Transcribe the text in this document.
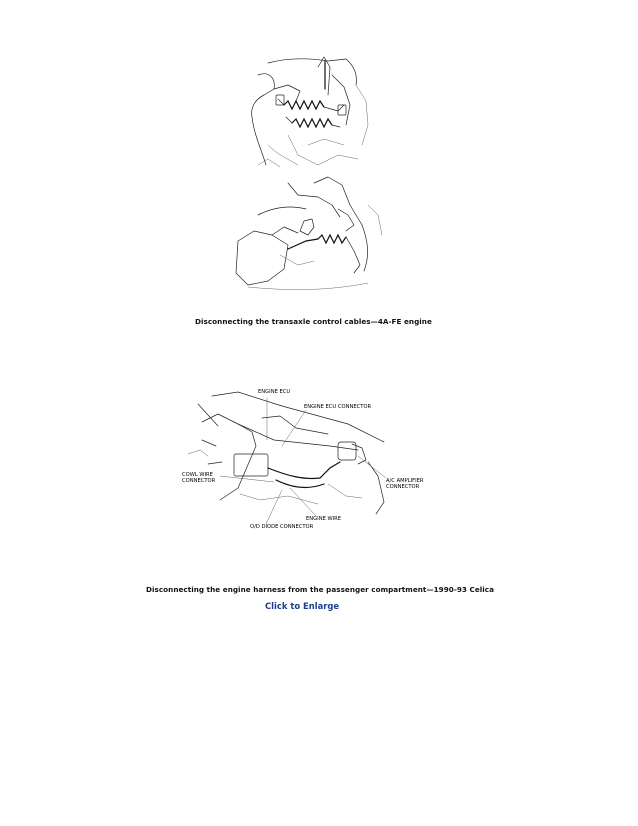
Disconnecting the transaxle control cables—4A-FE engine
ENGINE ECU
ENGINE ECU CONNECTOR
COWL WIRE
CONNECTOR	A/C AMPLIFIER
CONNECTOR
ENGINE WIRE
O/D DIODE CONNECTOR
Disconnecting the engine harness from the passenger compartment—1990-93 Celica
Click to Enlarge
